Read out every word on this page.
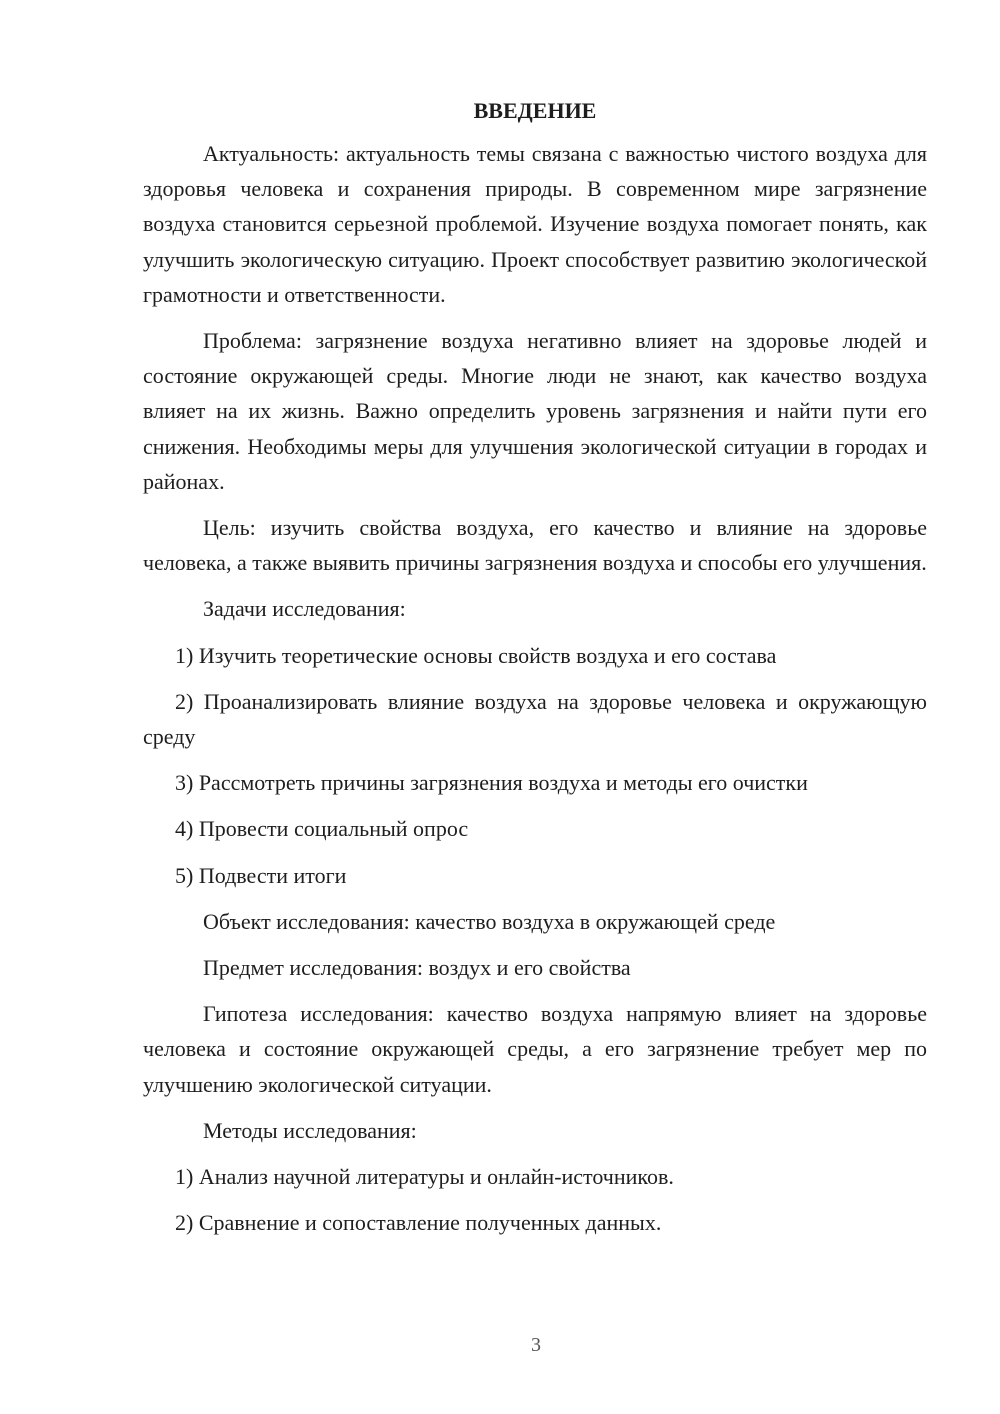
ВВЕДЕНИЕ

Актуальность: актуальность темы связана с важностью чистого воздуха для здоровья человека и сохранения природы. В современном мире загрязнение воздуха становится серьезной проблемой. Изучение воздуха помогает понять, как улучшить экологическую ситуацию. Проект способствует развитию экологической грамотности и ответственности.

Проблема: загрязнение воздуха негативно влияет на здоровье людей и состояние окружающей среды. Многие люди не знают, как качество воздуха влияет на их жизнь. Важно определить уровень загрязнения и найти пути его снижения. Необходимы меры для улучшения экологической ситуации в городах и районах.

Цель: изучить свойства воздуха, его качество и влияние на здоровье человека, а также выявить причины загрязнения воздуха и способы его улучшения.

Задачи исследования:

1) Изучить теоретические основы свойств воздуха и его состава

2) Проанализировать влияние воздуха на здоровье человека и окружающую среду

3) Рассмотреть причины загрязнения воздуха и методы его очистки

4) Провести социальный опрос

5) Подвести итоги

Объект исследования: качество воздуха в окружающей среде

Предмет исследования: воздух и его свойства

Гипотеза исследования: качество воздуха напрямую влияет на здоровье человека и состояние окружающей среды, а его загрязнение требует мер по улучшению экологической ситуации.

Методы исследования:

1) Анализ научной литературы и онлайн-источников.

2) Сравнение и сопоставление полученных данных.

3
